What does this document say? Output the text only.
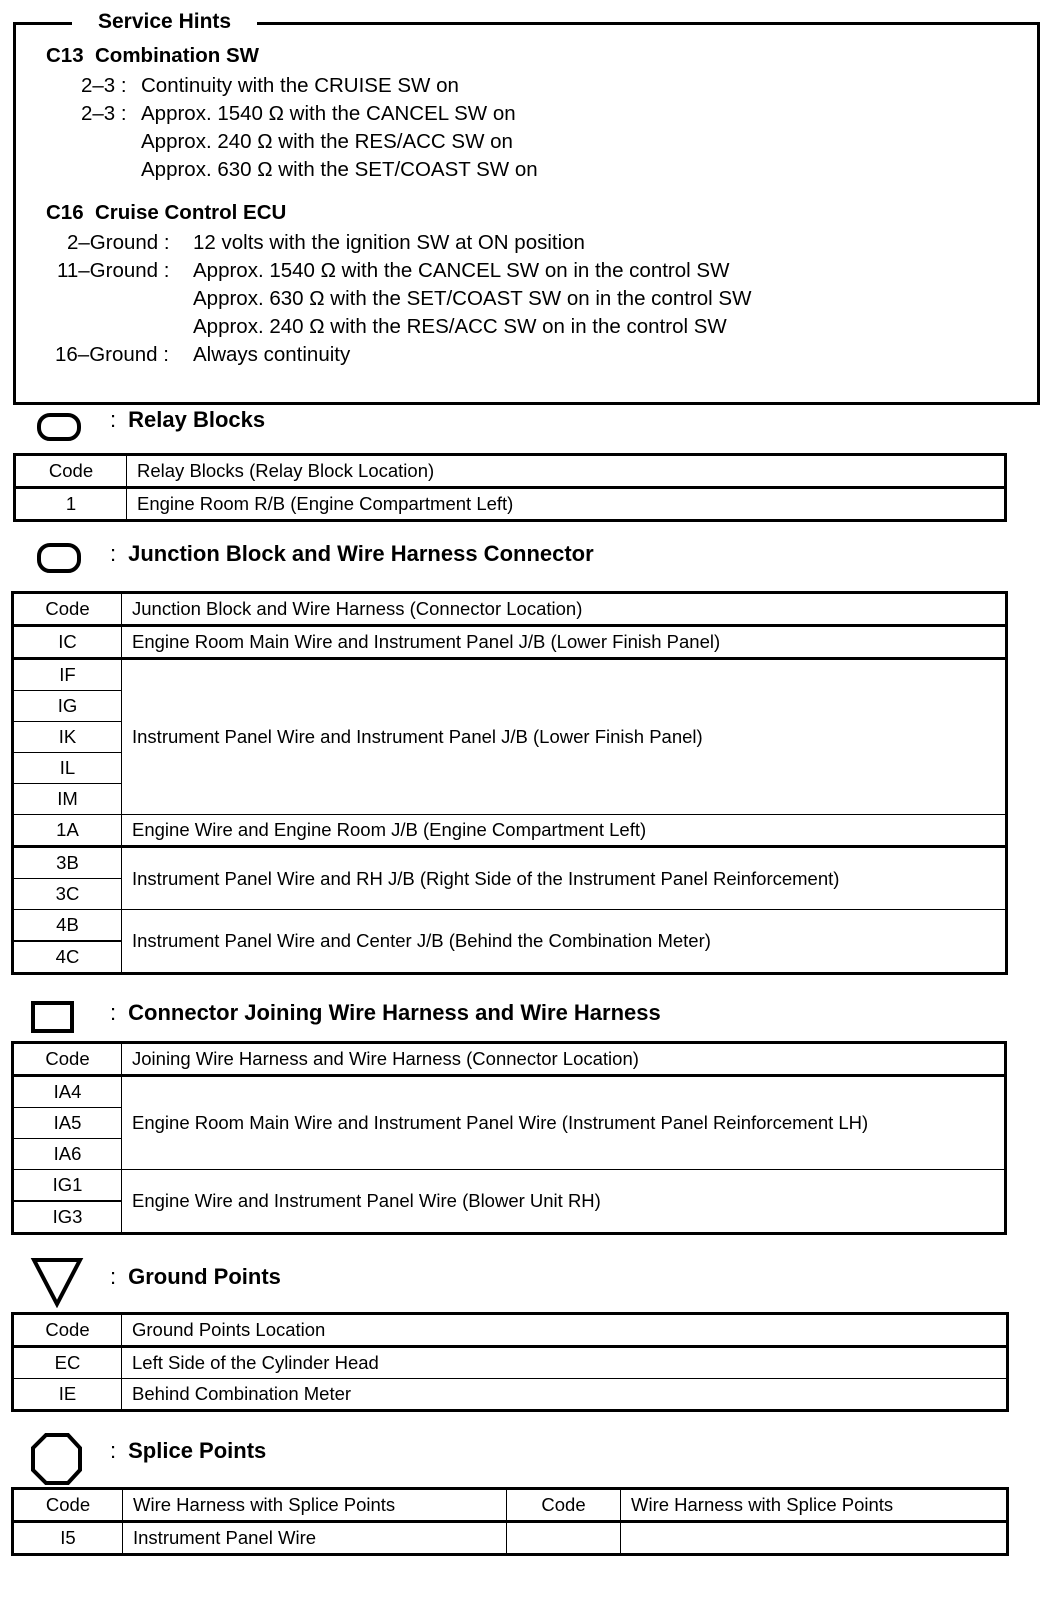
Service Hints
C13  Combination SW
2–3 : Continuity with the CRUISE SW on
2–3 : Approx. 1540 Ω with the CANCEL SW on
Approx. 240 Ω with the RES/ACC SW on
Approx. 630 Ω with the SET/COAST SW on
C16  Cruise Control ECU
2–Ground : 12 volts with the ignition SW at ON position
11–Ground : Approx. 1540 Ω with the CANCEL SW on in the control SW
Approx. 630 Ω with the SET/COAST SW on in the control SW
Approx. 240 Ω with the RES/ACC SW on in the control SW
16–Ground : Always continuity
: Relay Blocks
Code	Relay Blocks (Relay Block Location)
1	Engine Room R/B (Engine Compartment Left)
: Junction Block and Wire Harness Connector
Code	Junction Block and Wire Harness (Connector Location)
IC	Engine Room Main Wire and Instrument Panel J/B (Lower Finish Panel)
IF	Instrument Panel Wire and Instrument Panel J/B (Lower Finish Panel)
IG	
IK	
IL	
IM	
1A	Engine Wire and Engine Room J/B (Engine Compartment Left)
3B	Instrument Panel Wire and RH J/B (Right Side of the Instrument Panel Reinforcement)
3C	
4B	Instrument Panel Wire and Center J/B (Behind the Combination Meter)
4C	
: Connector Joining Wire Harness and Wire Harness
Code	Joining Wire Harness and Wire Harness (Connector Location)
IA4	Engine Room Main Wire and Instrument Panel Wire (Instrument Panel Reinforcement LH)
IA5	
IA6	
IG1	Engine Wire and Instrument Panel Wire (Blower Unit RH)
IG3	
: Ground Points
Code	Ground Points Location
EC	Left Side of the Cylinder Head
IE	Behind Combination Meter
: Splice Points
Code	Wire Harness with Splice Points	Code	Wire Harness with Splice Points
I5	Instrument Panel Wire		
